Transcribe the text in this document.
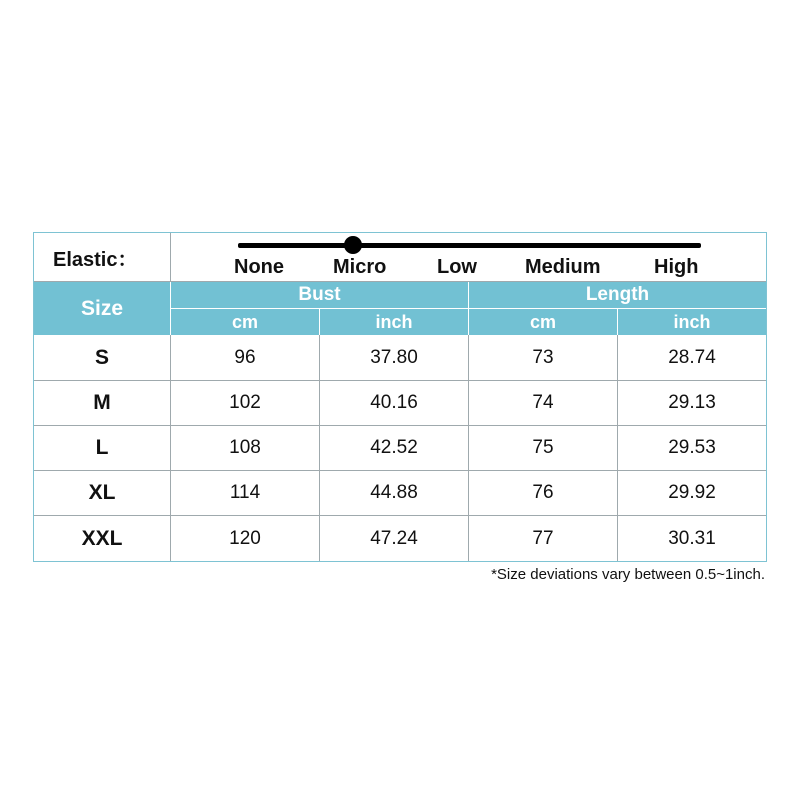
Elastic：	None Micro	Low Medium	High
Size
Bust	Length
cm	inch	cm	inch
S	96	37.80	73	28.74
M	102	40.16	74	29.13
L	108	42.52	75	29.53
XL	114	44.88	76	29.92
XXL	120	47.24	77	30.31
*Size deviations vary between 0.5~1inch.
